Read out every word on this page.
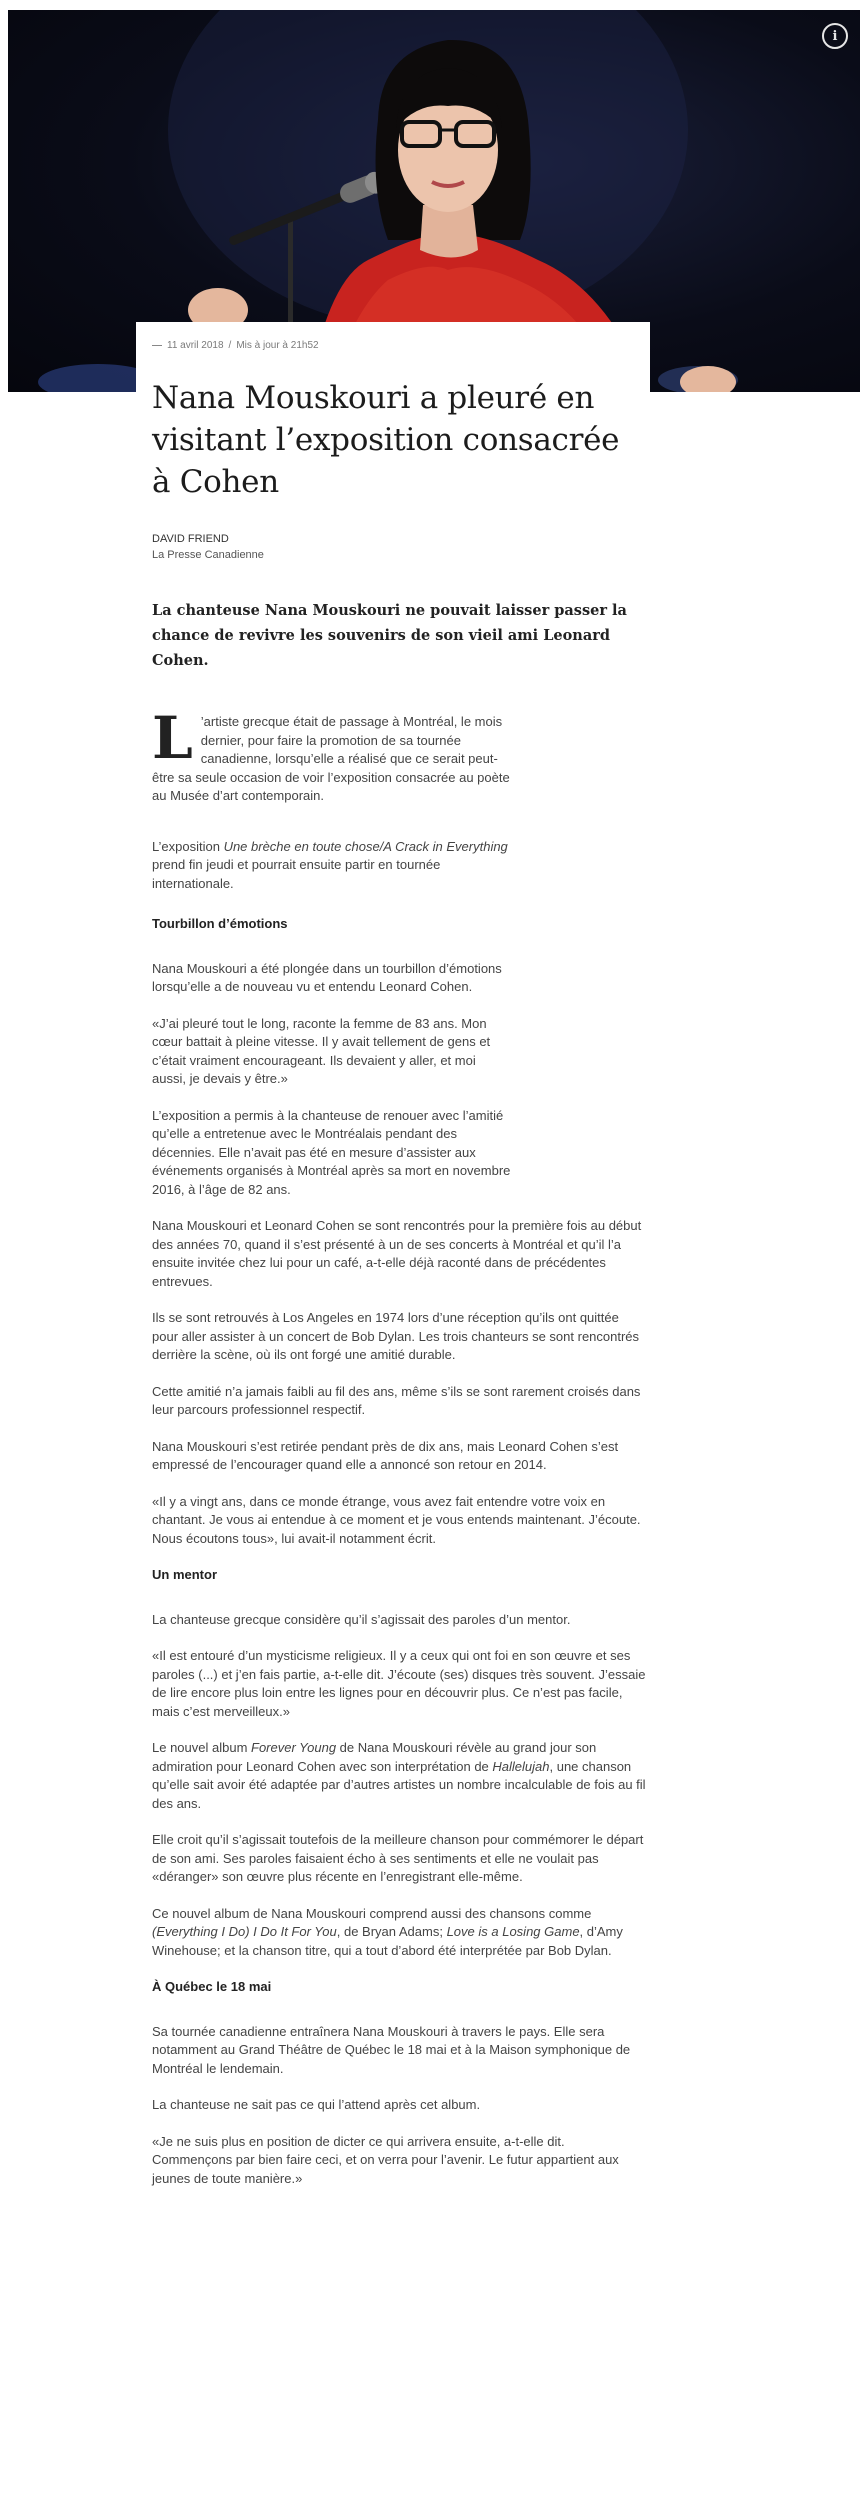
i
11 avril 2018 / Mis à jour à 21h52
Nana Mouskouri a pleuré en visitant l’exposition consacrée à Cohen
DAVID FRIEND
La Presse Canadienne

La chanteuse Nana Mouskouri ne pouvait laisser passer la chance de revivre les souvenirs de son vieil ami Leonard Cohen.

L ’artiste grecque était de passage à Montréal, le mois dernier, pour faire la promotion de sa tournée canadienne, lorsqu’elle a réalisé que ce serait peut-être sa seule occasion de voir l’exposition consacrée au poète au Musée d’art contemporain.

L’exposition Une brèche en toute chose/A Crack in Everything prend fin jeudi et pourrait ensuite partir en tournée internationale.

Tourbillon d’émotions

Nana Mouskouri a été plongée dans un tourbillon d’émotions lorsqu’elle a de nouveau vu et entendu Leonard Cohen.

«J’ai pleuré tout le long, raconte la femme de 83 ans. Mon cœur battait à pleine vitesse. Il y avait tellement de gens et c’était vraiment encourageant. Ils devaient y aller, et moi aussi, je devais y être.»

L’exposition a permis à la chanteuse de renouer avec l’amitié qu’elle a entretenue avec le Montréalais pendant des décennies. Elle n’avait pas été en mesure d’assister aux événements organisés à Montréal après sa mort en novembre 2016, à l’âge de 82 ans.

Nana Mouskouri et Leonard Cohen se sont rencontrés pour la première fois au début des années 70, quand il s’est présenté à un de ses concerts à Montréal et qu’il l’a ensuite invitée chez lui pour un café, a-t-elle déjà raconté dans de précédentes entrevues.

Ils se sont retrouvés à Los Angeles en 1974 lors d’une réception qu’ils ont quittée pour aller assister à un concert de Bob Dylan. Les trois chanteurs se sont rencontrés derrière la scène, où ils ont forgé une amitié durable.

Cette amitié n’a jamais faibli au fil des ans, même s’ils se sont rarement croisés dans leur parcours professionnel respectif.

Nana Mouskouri s’est retirée pendant près de dix ans, mais Leonard Cohen s’est empressé de l’encourager quand elle a annoncé son retour en 2014.

«Il y a vingt ans, dans ce monde étrange, vous avez fait entendre votre voix en chantant. Je vous ai entendue à ce moment et je vous entends maintenant. J’écoute. Nous écoutons tous», lui avait-il notamment écrit.

Un mentor

La chanteuse grecque considère qu’il s’agissait des paroles d’un mentor.

«Il est entouré d’un mysticisme religieux. Il y a ceux qui ont foi en son œuvre et ses paroles (...) et j’en fais partie, a-t-elle dit. J’écoute (ses) disques très souvent. J’essaie de lire encore plus loin entre les lignes pour en découvrir plus. Ce n’est pas facile, mais c’est merveilleux.»

Le nouvel album Forever Young de Nana Mouskouri révèle au grand jour son admiration pour Leonard Cohen avec son interprétation de Hallelujah, une chanson qu’elle sait avoir été adaptée par d’autres artistes un nombre incalculable de fois au fil des ans.

Elle croit qu’il s’agissait toutefois de la meilleure chanson pour commémorer le départ de son ami. Ses paroles faisaient écho à ses sentiments et elle ne voulait pas «déranger» son œuvre plus récente en l’enregistrant elle-même.

Ce nouvel album de Nana Mouskouri comprend aussi des chansons comme (Everything I Do) I Do It For You, de Bryan Adams; Love is a Losing Game, d’Amy Winehouse; et la chanson titre, qui a tout d’abord été interprétée par Bob Dylan.

À Québec le 18 mai

Sa tournée canadienne entraînera Nana Mouskouri à travers le pays. Elle sera notamment au Grand Théâtre de Québec le 18 mai et à la Maison symphonique de Montréal le lendemain.

La chanteuse ne sait pas ce qui l’attend après cet album.

«Je ne suis plus en position de dicter ce qui arrivera ensuite, a-t-elle dit. Commençons par bien faire ceci, et on verra pour l’avenir. Le futur appartient aux jeunes de toute manière.»
